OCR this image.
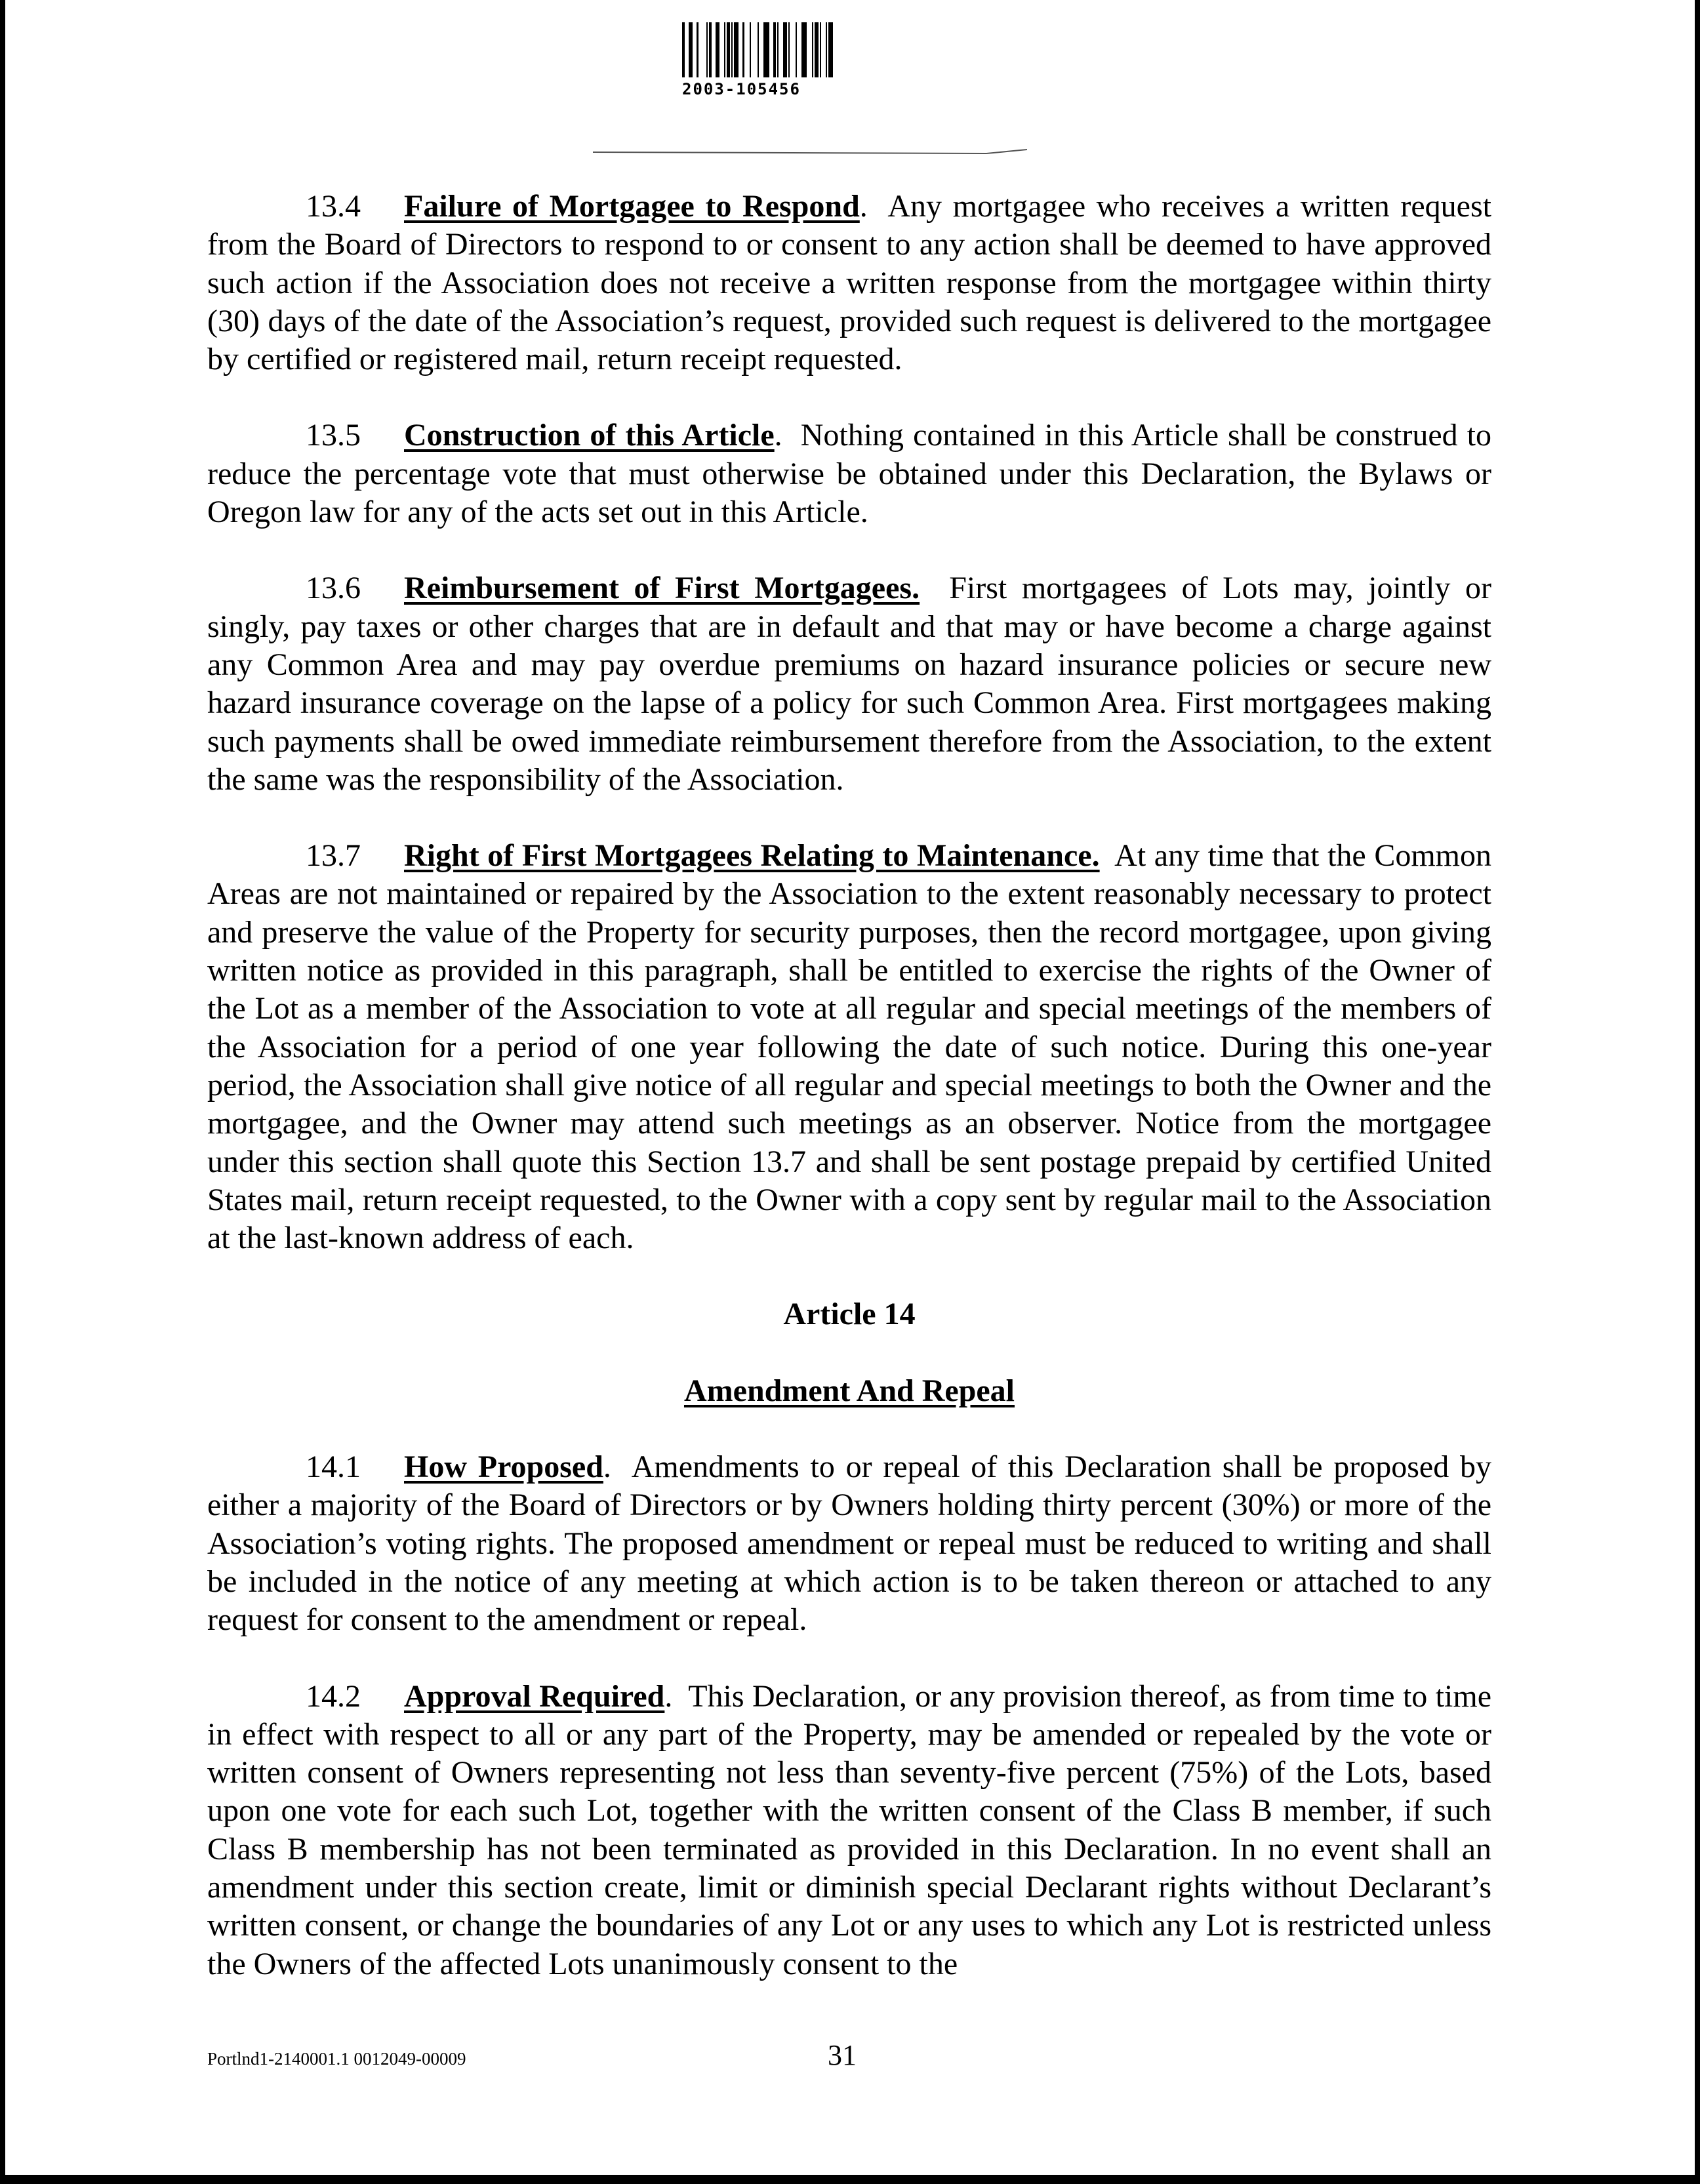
2003-105456

13.4 Failure of Mortgagee to Respond. Any mortgagee who receives a written request from the Board of Directors to respond to or consent to any action shall be deemed to have approved such action if the Association does not receive a written response from the mortgagee within thirty (30) days of the date of the Association’s request, provided such request is delivered to the mortgagee by certified or registered mail, return receipt requested.

13.5 Construction of this Article. Nothing contained in this Article shall be construed to reduce the percentage vote that must otherwise be obtained under this Declaration, the Bylaws or Oregon law for any of the acts set out in this Article.

13.6 Reimbursement of First Mortgagees. First mortgagees of Lots may, jointly or singly, pay taxes or other charges that are in default and that may or have become a charge against any Common Area and may pay overdue premiums on hazard insurance policies or secure new hazard insurance coverage on the lapse of a policy for such Common Area. First mortgagees making such payments shall be owed immediate reimbursement therefore from the Association, to the extent the same was the responsibility of the Association.

13.7 Right of First Mortgagees Relating to Maintenance. At any time that the Common Areas are not maintained or repaired by the Association to the extent reasonably necessary to protect and preserve the value of the Property for security purposes, then the record mortgagee, upon giving written notice as provided in this paragraph, shall be entitled to exercise the rights of the Owner of the Lot as a member of the Association to vote at all regular and special meetings of the members of the Association for a period of one year following the date of such notice. During this one-year period, the Association shall give notice of all regular and special meetings to both the Owner and the mortgagee, and the Owner may attend such meetings as an observer. Notice from the mortgagee under this section shall quote this Section 13.7 and shall be sent postage prepaid by certified United States mail, return receipt requested, to the Owner with a copy sent by regular mail to the Association at the last-known address of each.

Article 14
Amendment And Repeal

14.1 How Proposed. Amendments to or repeal of this Declaration shall be proposed by either a majority of the Board of Directors or by Owners holding thirty percent (30%) or more of the Association’s voting rights. The proposed amendment or repeal must be reduced to writing and shall be included in the notice of any meeting at which action is to be taken thereon or attached to any request for consent to the amendment or repeal.

14.2 Approval Required. This Declaration, or any provision thereof, as from time to time in effect with respect to all or any part of the Property, may be amended or repealed by the vote or written consent of Owners representing not less than seventy-five percent (75%) of the Lots, based upon one vote for each such Lot, together with the written consent of the Class B member, if such Class B membership has not been terminated as provided in this Declaration. In no event shall an amendment under this section create, limit or diminish special Declarant rights without Declarant’s written consent, or change the boundaries of any Lot or any uses to which any Lot is restricted unless the Owners of the affected Lots unanimously consent to the

Portlnd1-2140001.1 0012049-00009	31
